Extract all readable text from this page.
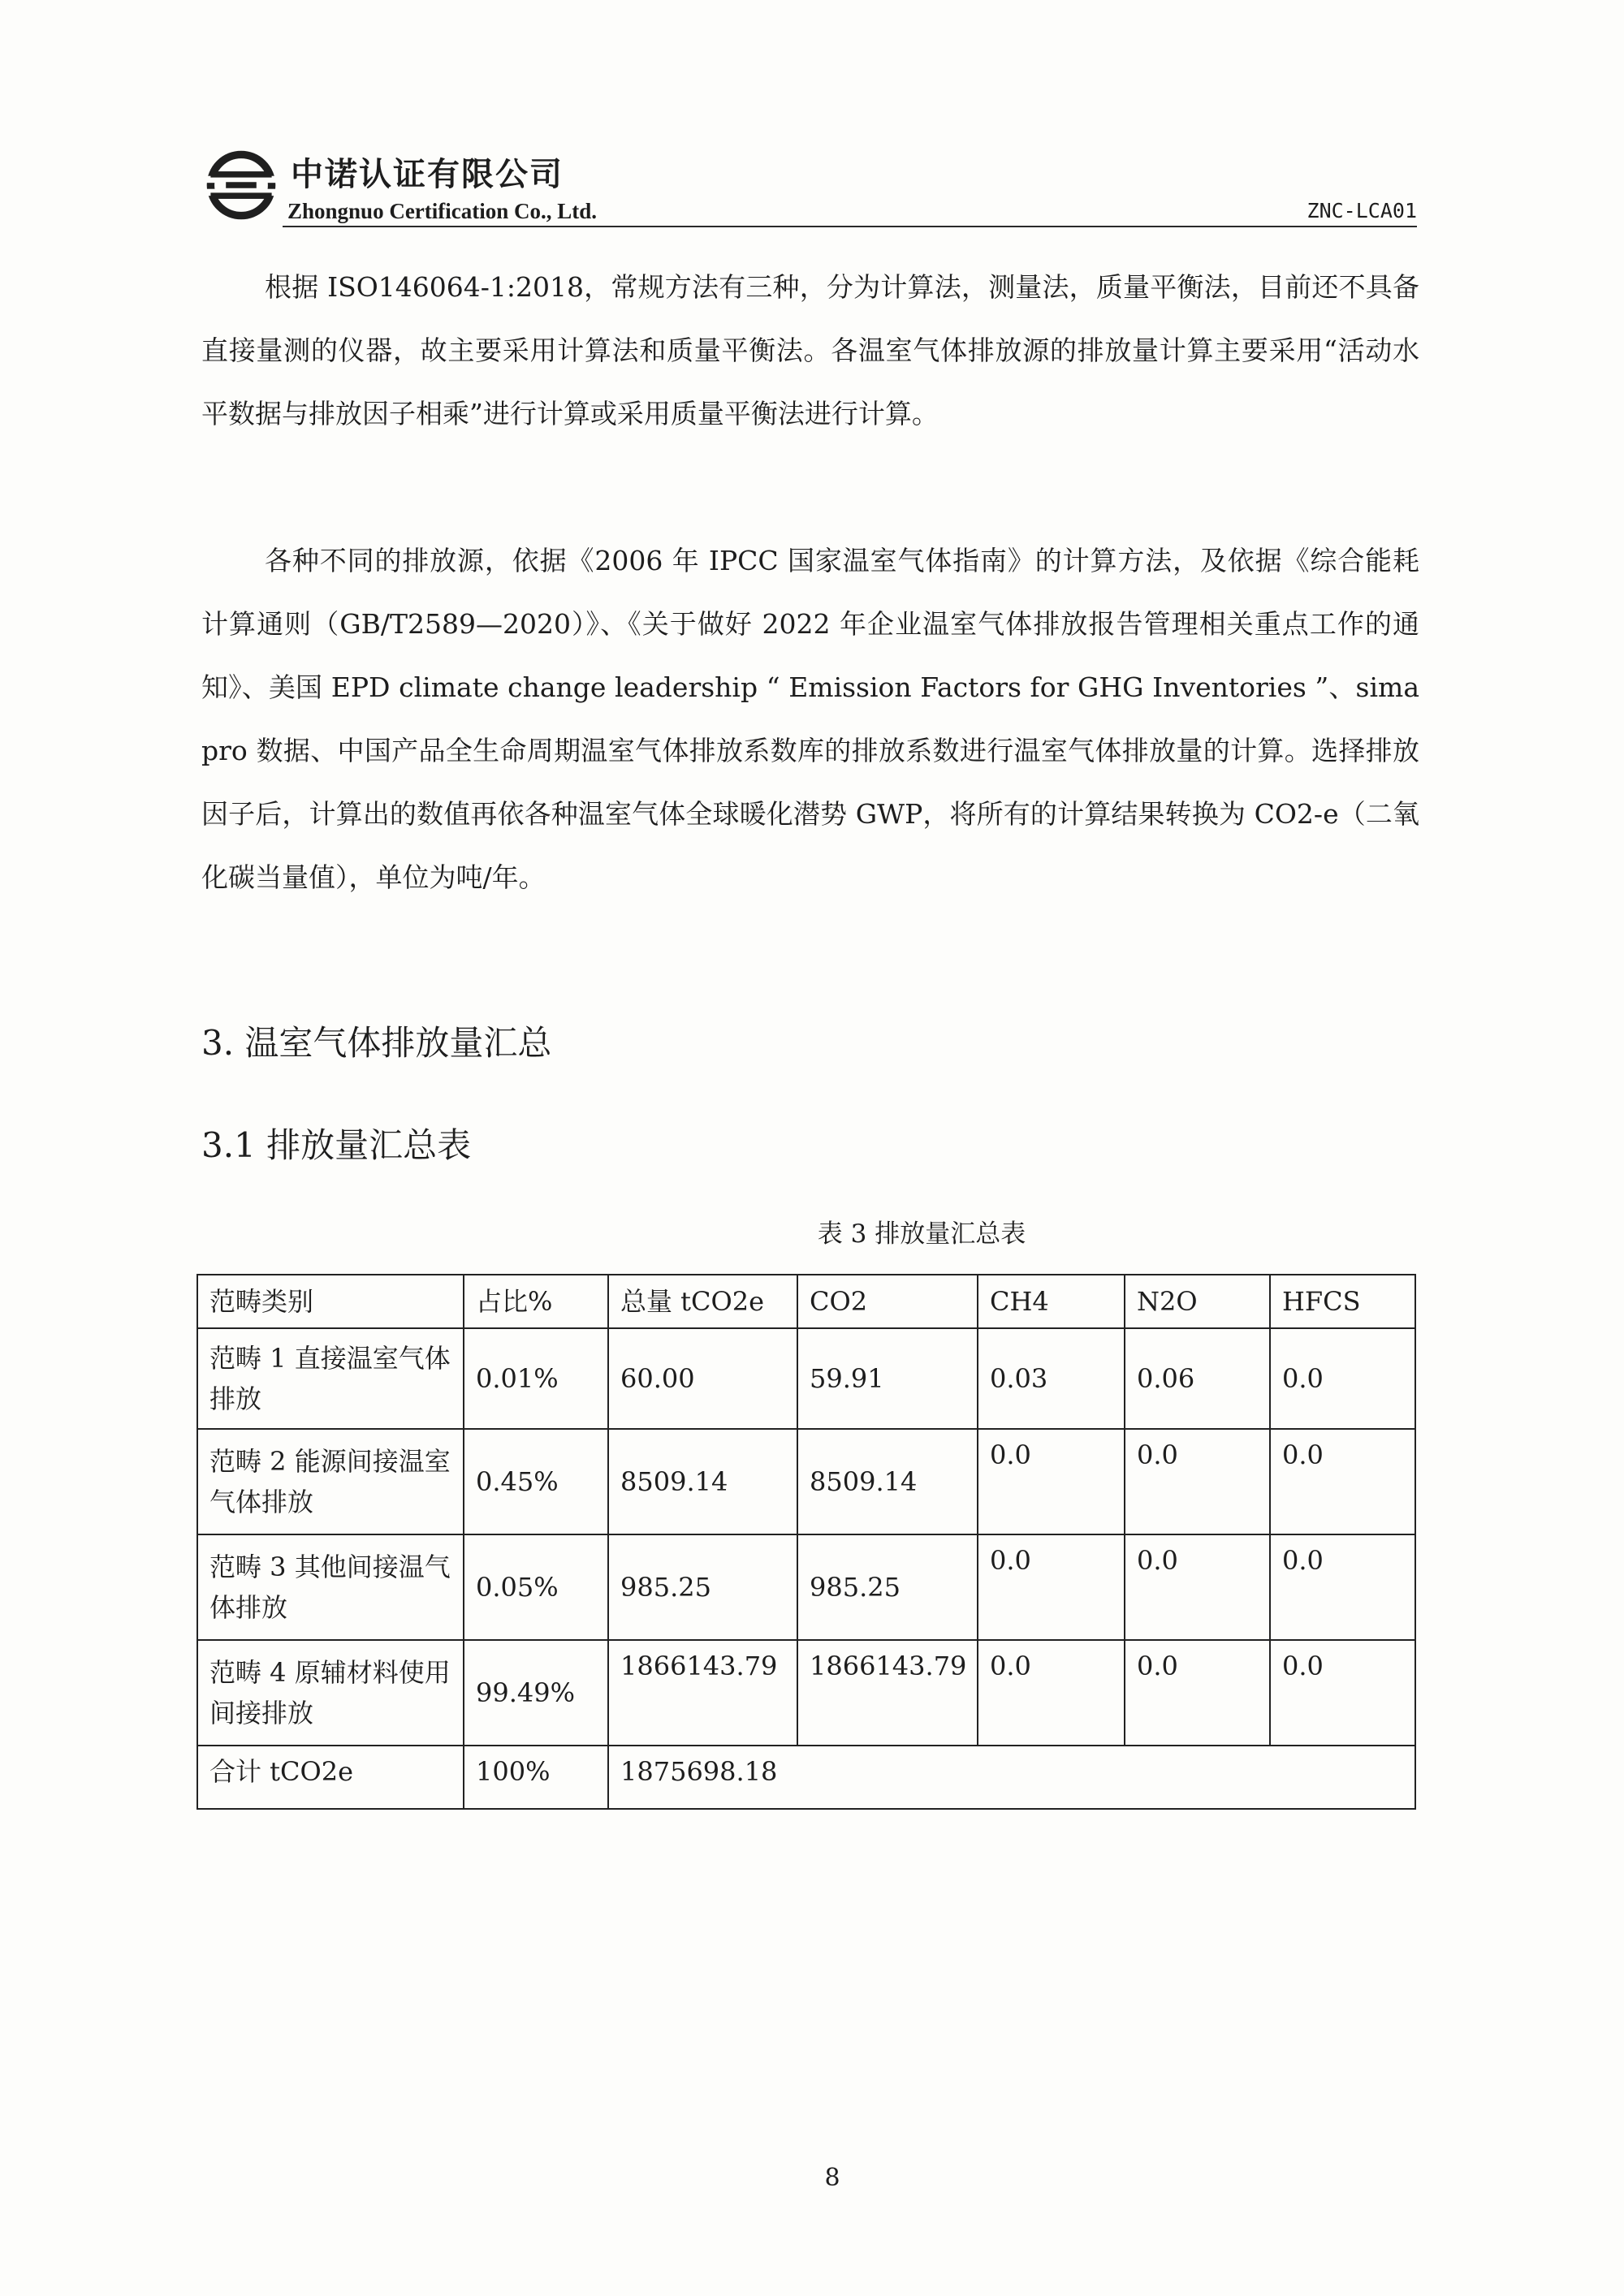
中诺认证有限公司
Zhongnuo Certification Co., Ltd.	ZNC-LCA01

根据 ISO146064-1:2018，常规方法有三种，分为计算法，测量法，质量平衡法，目前还不具备直接量测的仪器，故主要采用计算法和质量平衡法。各温室气体排放源的排放量计算主要采用“活动水平数据与排放因子相乘”进行计算或采用质量平衡法进行计算。

各种不同的排放源，依据《2006 年 IPCC 国家温室气体指南》的计算方法，及依据《综合能耗计算通则（GB/T2589—2020）》、《关于做好 2022 年企业温室气体排放报告管理相关重点工作的通知》、美国 EPD climate change leadership “ Emission Factors for GHG Inventories ”、simapro 数据、中国产品全生命周期温室气体排放系数库的排放系数进行温室气体排放量的计算。选择排放因子后，计算出的数值再依各种温室气体全球暖化潜势 GWP，将所有的计算结果转换为 CO2-e（二氧化碳当量值），单位为吨/年。

3. 温室气体排放量汇总
3.1 排放量汇总表
表 3 排放量汇总表
范畴类别	占比%	总量 tCO2e	CO2	CH4	N2O	HFCS
范畴 1 直接温室气体排放	0.01%	60.00	59.91	0.03	0.06	0.0
范畴 2 能源间接温室气体排放	0.45%	8509.14	8509.14	0.0	0.0	0.0
范畴 3 其他间接温气体排放	0.05%	985.25	985.25	0.0	0.0	0.0
范畴 4 原辅材料使用间接排放	99.49%	1866143.79	1866143.79	0.0	0.0	0.0
合计 tCO2e	100%	1875698.18				
8
